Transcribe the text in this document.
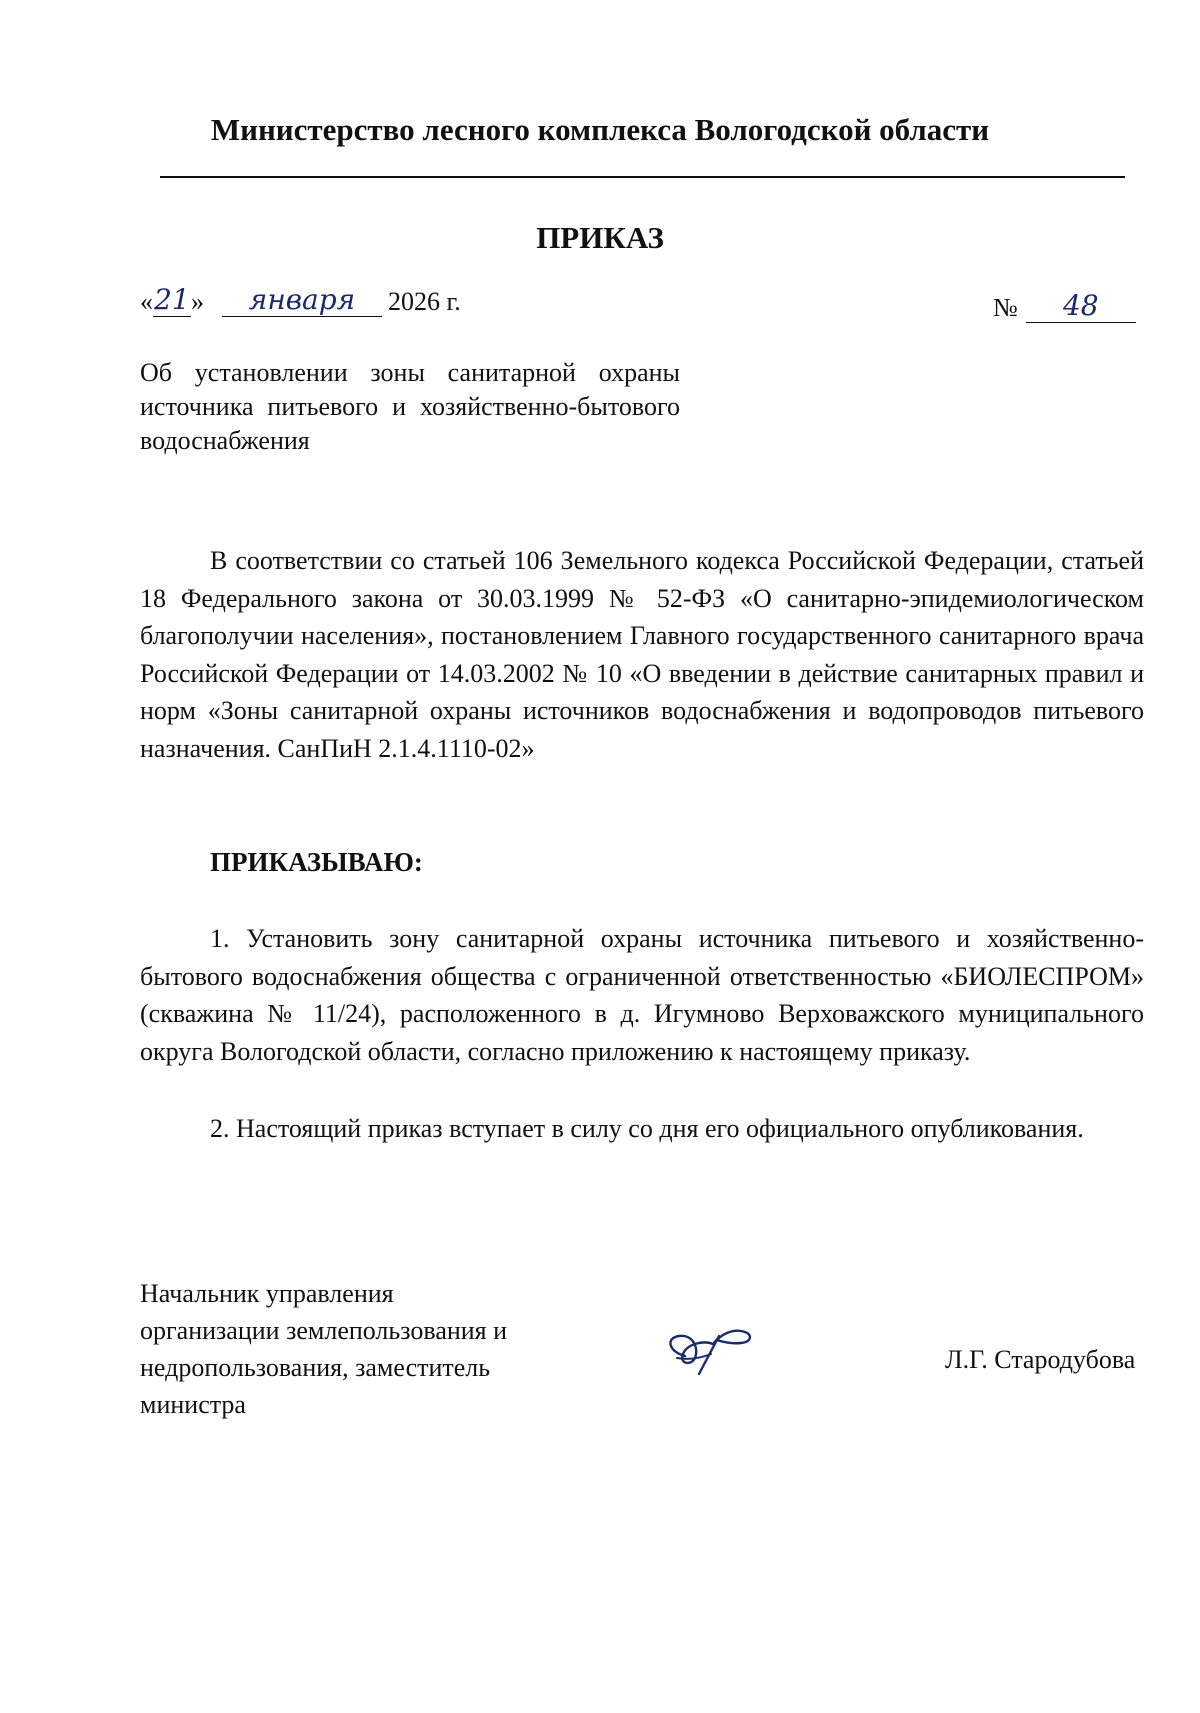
Министерство лесного комплекса Вологодской области
ПРИКАЗ
« 21 »	января	2026 г.	№	48
Об установлении зоны санитарной охраны источника питьевого и хозяйственно-бытового водоснабжения
В соответствии со статьей 106 Земельного кодекса Российской Федерации, статьей 18 Федерального закона от 30.03.1999 № 52-ФЗ «О санитарно-эпидемиологическом благополучии населения», постановлением Главного государственного санитарного врача Российской Федерации от 14.03.2002 № 10 «О введении в действие санитарных правил и норм «Зоны санитарной охраны источников водоснабжения и водопроводов питьевого назначения. СанПиН 2.1.4.1110-02»
ПРИКАЗЫВАЮ:
1. Установить зону санитарной охраны источника питьевого и хозяйственно-бытового водоснабжения общества с ограниченной ответственностью «БИОЛЕСПРОМ» (скважина № 11/24), расположенного в д. Игумново Верховажского муниципального округа Вологодской области, согласно приложению к настоящему приказу.
2. Настоящий приказ вступает в силу со дня его официального опубликования.
Начальник управления
организации землепользования и
недропользования, заместитель
министра
Л.Г. Стародубова
